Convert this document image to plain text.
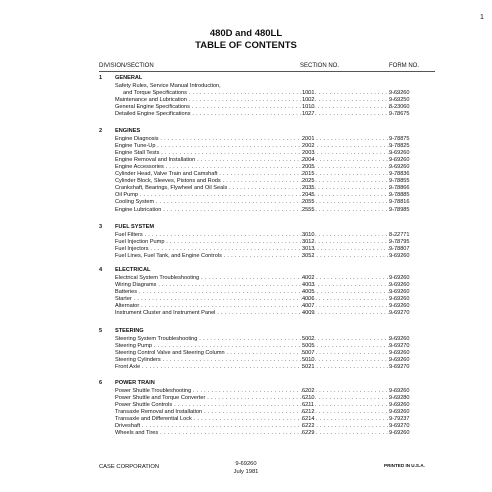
1
480D and 480LL
TABLE OF CONTENTS
DIVISION/SECTION	SECTION NO.	FORM NO.
1 GENERAL
Safety Rules, Service Manual Introduction,
and Torque Specifications . . .	1001	9-69260
Maintenance and Lubrication . . .	1002	9-69250
General Engine Specifications . . .	1010	8-23060
Detailed Engine Specifications . . .	1027	9-78675
2 ENGINES
Engine Diagnosis . . .	2001	9-78875
Engine Tune-Up . . .	2002	9-78825
Engine Stall Tests . . .	2003	9-69260
Engine Removal and Installation . . .	2004	9-69260
Engine Accessories . . .	2005	9-69260
Cylinder Head, Valve Train and Camshaft . . .	2015	9-78836
Cylinder Block, Sleeves, Pistons and Rods . . .	2025	9-78855
Crankshaft, Bearings, Flywheel and Oil Seals . . .	2035	9-78866
Oil Pump . . .	2045	9-78885
Cooling System . . .	2055	9-78816
Engine Lubrication . . .	2555	9-78985
3 FUEL SYSTEM
Fuel Filters . . .	3010	8-22771
Fuel Injection Pump . . .	3012	9-78795
Fuel Injectors . . .	3013	9-78807
Fuel Lines, Fuel Tank, and Engine Controls . . .	3052	9-69260
4 ELECTRICAL
Electrical System Troubleshooting . . .	4002	9-69260
Wiring Diagrams . . .	4003	9-69260
Batteries . . .	4005	9-69260
Starter . . .	4006	9-69260
Alternator . . .	4007	9-69260
Instrument Cluster and Instrument Panel . . .	4009	9-69270
5 STEERING
Steering System Troubleshooting . . .	5002	9-69260
Steering Pump . . .	5005	9-69270
Steering Control Valve and Steering Column . . .	5007	9-69260
Steering Cylinders . . .	5010	9-69260
Front Axle . . .	5021	9-69270
6 POWER TRAIN
Power Shuttle Troubleshooting . . .	6202	9-69260
Power Shuttle and Torque Converter . . .	6210	9-69280
Power Shuttle Controls . . .	6211	9-69260
Transaxle Removal and Installation . . .	6212	9-69260
Transaxle and Differential Lock . . .	6214	9-79237
Driveshaft . . .	6222	9-69270
Wheels and Tires . . .	6229	9-69260
CASE CORPORATION	9-69260
July 1981
PRINTED IN U.S.A.
